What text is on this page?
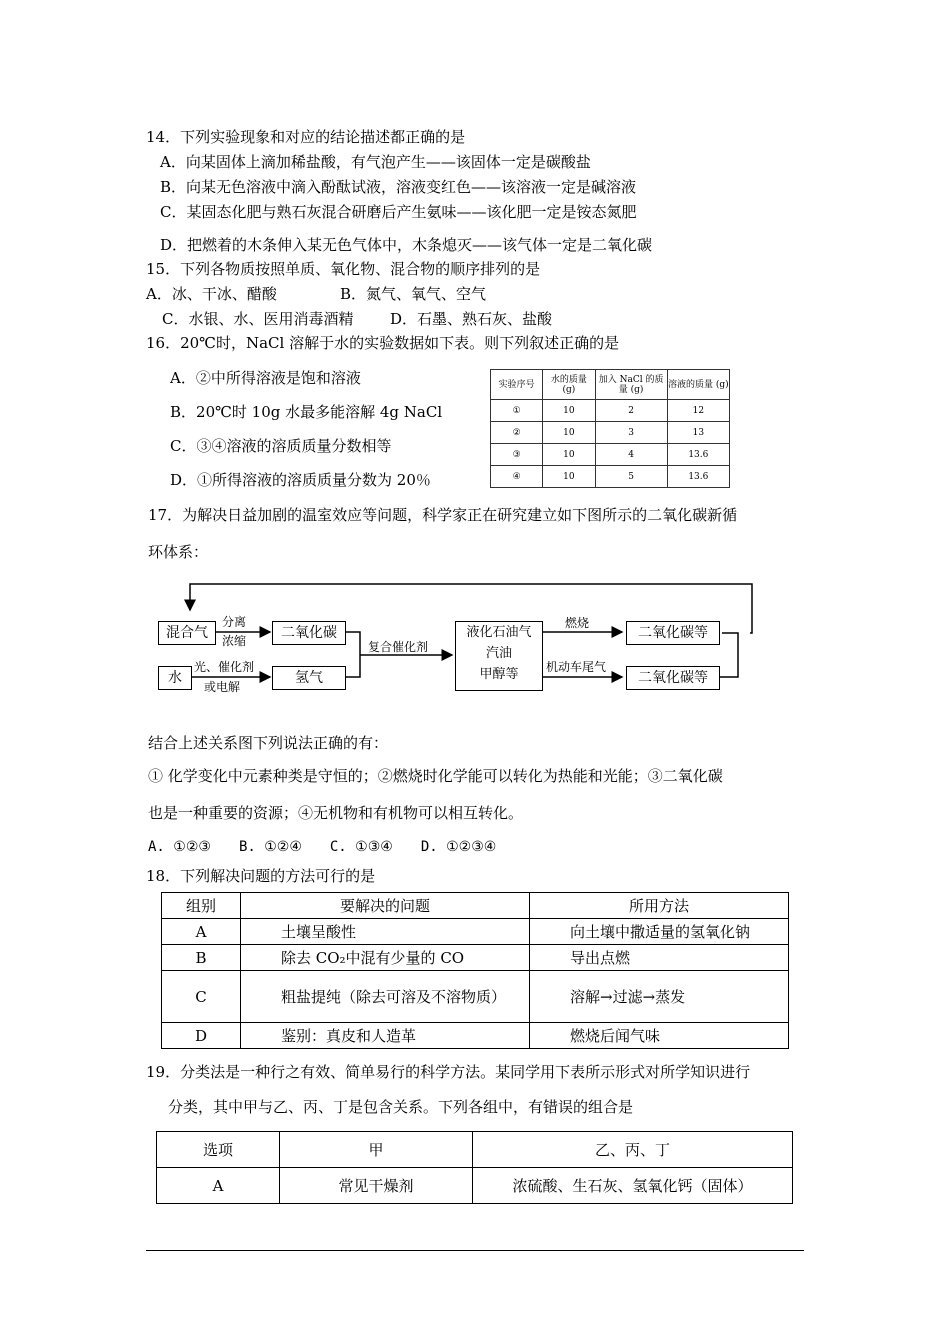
14．下列实验现象和对应的结论描述都正确的是
A．向某固体上滴加稀盐酸，有气泡产生——该固体一定是碳酸盐
B．向某无色溶液中滴入酚酞试液，溶液变红色——该溶液一定是碱溶液
C．某固态化肥与熟石灰混合研磨后产生氨味——该化肥一定是铵态氮肥
D．把燃着的木条伸入某无色气体中，木条熄灭——该气体一定是二氧化碳
15．下列各物质按照单质、氧化物、混合物的顺序排列的是
A．冰、干冰、醋酸	B．氮气、氧气、空气
C．水银、水、医用消毒酒精 D．石墨、熟石灰、盐酸
16．20℃时，NaCl 溶解于水的实验数据如下表。则下列叙述正确的是
A．②中所得溶液是饱和溶液
B．20℃时 10g 水最多能溶解 4g NaCl
C．③④溶液的溶质质量分数相等
D．①所得溶液的溶质质量分数为 20％
实验序号	水的质量 (g)	加入 NaCl 的质量 (g)	溶液的质量 (g)
①	10	2	12
②	10	3	13
③	10	4	13.6
④	10	5	13.6
17．为解决日益加剧的温室效应等问题，科学家正在研究建立如下图所示的二氧化碳新循
环体系：
混合气
水
分离
浓缩
光、催化剂
或电解
二氧化碳
氢气
复合催化剂
液化石油气
汽油
甲醇等
燃烧
机动车尾气
二氧化碳等
二氧化碳等
结合上述关系图下列说法正确的有：
① 化学变化中元素种类是守恒的；②燃烧时化学能可以转化为热能和光能；③二氧化碳
也是一种重要的资源；④无机物和有机物可以相互转化。
A. ①②③　　B. ①②④　　C. ①③④　　D. ①②③④
18．下列解决问题的方法可行的是
组别	要解决的问题	所用方法
A	土壤呈酸性	向土壤中撒适量的氢氧化钠
B	除去 CO₂中混有少量的 CO	导出点燃
C	粗盐提纯（除去可溶及不溶物质）	溶解→过滤→蒸发
D	鉴别：真皮和人造革	燃烧后闻气味
19．分类法是一种行之有效、简单易行的科学方法。某同学用下表所示形式对所学知识进行
分类，其中甲与乙、丙、丁是包含关系。下列各组中，有错误的组合是
选项	甲	乙、丙、丁
A	常见干燥剂	浓硫酸、生石灰、氢氧化钙（固体）
